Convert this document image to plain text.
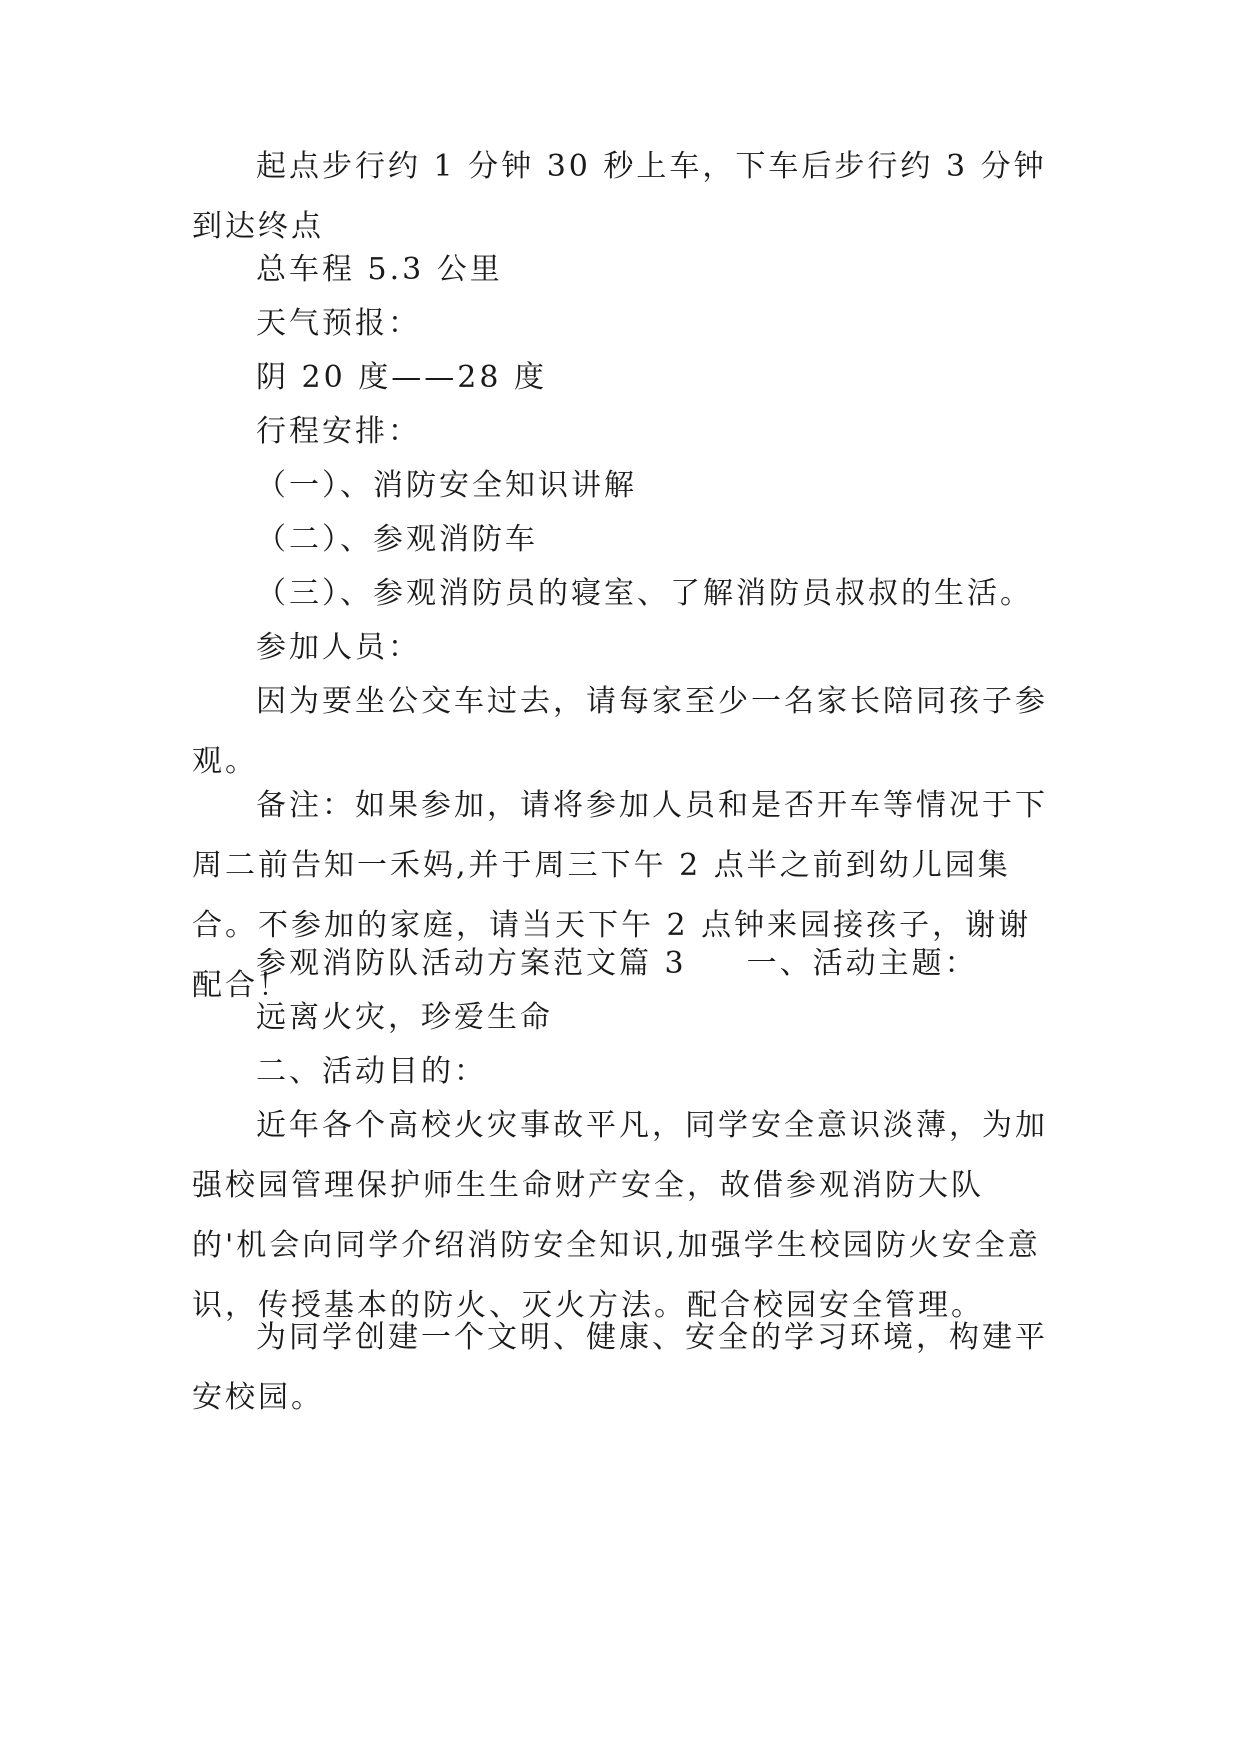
起点步行约 1 分钟 30 秒上车，下车后步行约 3 分钟到达终点

总车程 5.3 公里

天气预报：

阴 20 度——28 度

行程安排：

（一）、消防安全知识讲解

（二）、参观消防车

（三）、参观消防员的寝室、了解消防员叔叔的生活。

参加人员：

因为要坐公交车过去，请每家至少一名家长陪同孩子参观。

备注：如果参加，请将参加人员和是否开车等情况于下周二前告知一禾妈,并于周三下午 2 点半之前到幼儿园集合。不参加的家庭，请当天下午 2 点钟来园接孩子，谢谢配合！

参观消防队活动方案范文篇 3 一、活动主题：

远离火灾，珍爱生命

二、活动目的：

近年各个高校火灾事故平凡，同学安全意识淡薄，为加强校园管理保护师生生命财产安全，故借参观消防大队的'机会向同学介绍消防安全知识,加强学生校园防火安全意识，传授基本的防火、灭火方法。配合校园安全管理。

为同学创建一个文明、健康、安全的学习环境，构建平安校园。
